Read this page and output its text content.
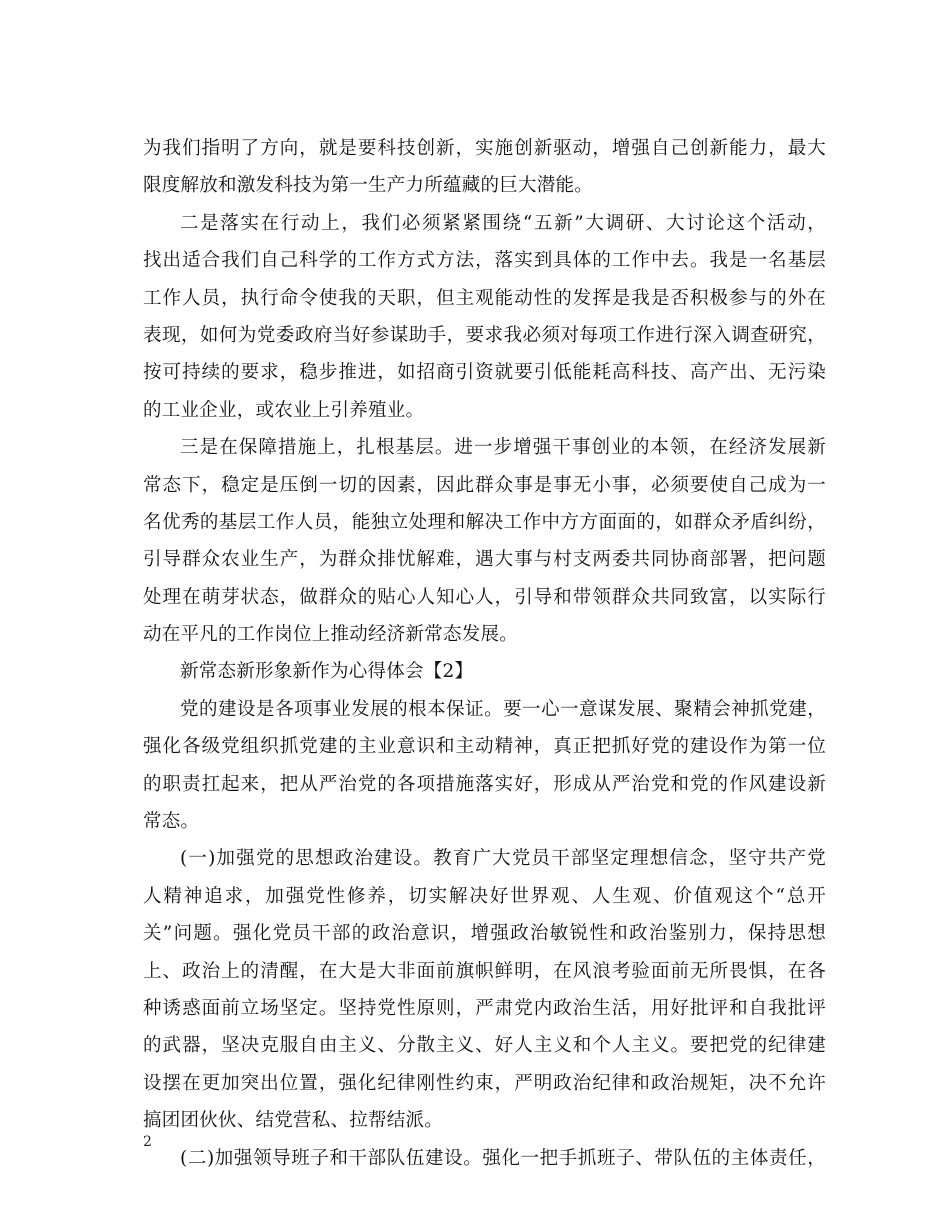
为我们指明了方向，就是要科技创新，实施创新驱动，增强自己创新能力，最大
限度解放和激发科技为第一生产力所蕴藏的巨大潜能。
二是落实在行动上，我们必须紧紧围绕“五新”大调研、大讨论这个活动，
找出适合我们自己科学的工作方式方法，落实到具体的工作中去。我是一名基层
工作人员，执行命令使我的天职，但主观能动性的发挥是我是否积极参与的外在
表现，如何为党委政府当好参谋助手，要求我必须对每项工作进行深入调查研究，
按可持续的要求，稳步推进，如招商引资就要引低能耗高科技、高产出、无污染
的工业企业，或农业上引养殖业。
三是在保障措施上，扎根基层。进一步增强干事创业的本领，在经济发展新
常态下，稳定是压倒一切的因素，因此群众事是事无小事，必须要使自己成为一
名优秀的基层工作人员，能独立处理和解决工作中方方面面的，如群众矛盾纠纷，
引导群众农业生产，为群众排忧解难，遇大事与村支两委共同协商部署，把问题
处理在萌芽状态，做群众的贴心人知心人，引导和带领群众共同致富，以实际行
动在平凡的工作岗位上推动经济新常态发展。
新常态新形象新作为心得体会【2】
党的建设是各项事业发展的根本保证。要一心一意谋发展、聚精会神抓党建，
强化各级党组织抓党建的主业意识和主动精神，真正把抓好党的建设作为第一位
的职责扛起来，把从严治党的各项措施落实好，形成从严治党和党的作风建设新
常态。
(一)加强党的思想政治建设。教育广大党员干部坚定理想信念，坚守共产党
人精神追求，加强党性修养，切实解决好世界观、人生观、价值观这个“总开
关”问题。强化党员干部的政治意识，增强政治敏锐性和政治鉴别力，保持思想
上、政治上的清醒，在大是大非面前旗帜鲜明，在风浪考验面前无所畏惧，在各
种诱惑面前立场坚定。坚持党性原则，严肃党内政治生活，用好批评和自我批评
的武器，坚决克服自由主义、分散主义、好人主义和个人主义。要把党的纪律建
设摆在更加突出位置，强化纪律刚性约束，严明政治纪律和政治规矩，决不允许
搞团团伙伙、结党营私、拉帮结派。
(二)加强领导班子和干部队伍建设。强化一把手抓班子、带队伍的主体责任，
2
